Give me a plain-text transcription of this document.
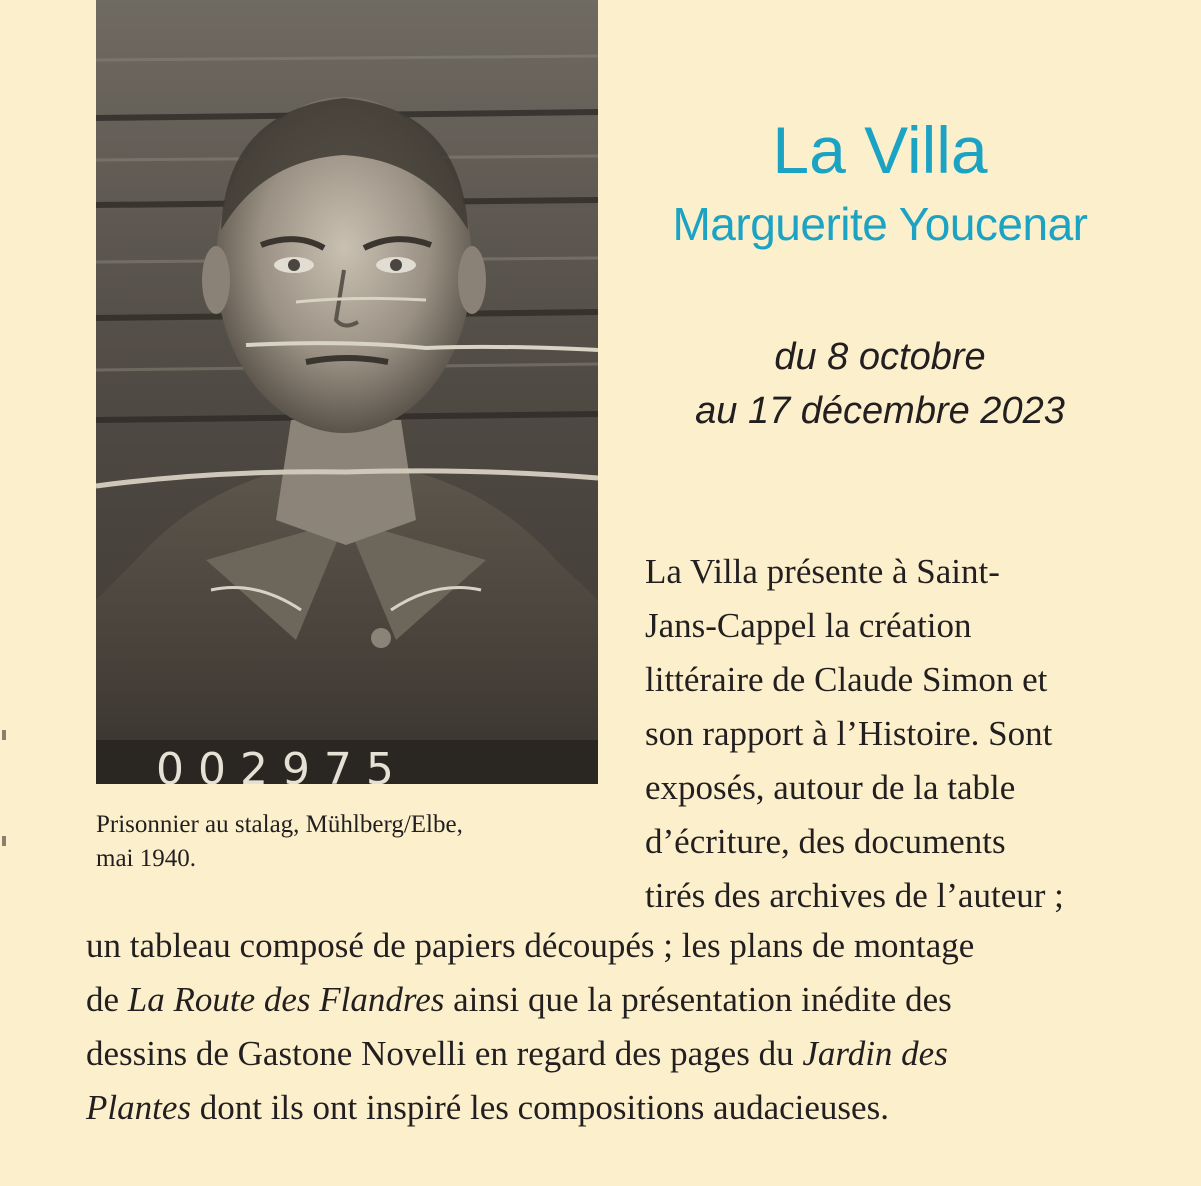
0 0 2 9 7 5
Prisonnier au stalag, Mühlberg/Elbe,
mai 1940.
La Villa
Marguerite Youcenar
du 8 octobre
au 17 décembre 2023
La Villa présente à Saint-
Jans-Cappel la création
littéraire de Claude Simon et
son rapport à l’Histoire. Sont
exposés, autour de la table
d’écriture, des documents
tirés des archives de l’auteur ;
un tableau composé de papiers découpés ; les plans de montage
de La Route des Flandres ainsi que la présentation inédite des
dessins de Gastone Novelli en regard des pages du Jardin des
Plantes dont ils ont inspiré les compositions audacieuses.
